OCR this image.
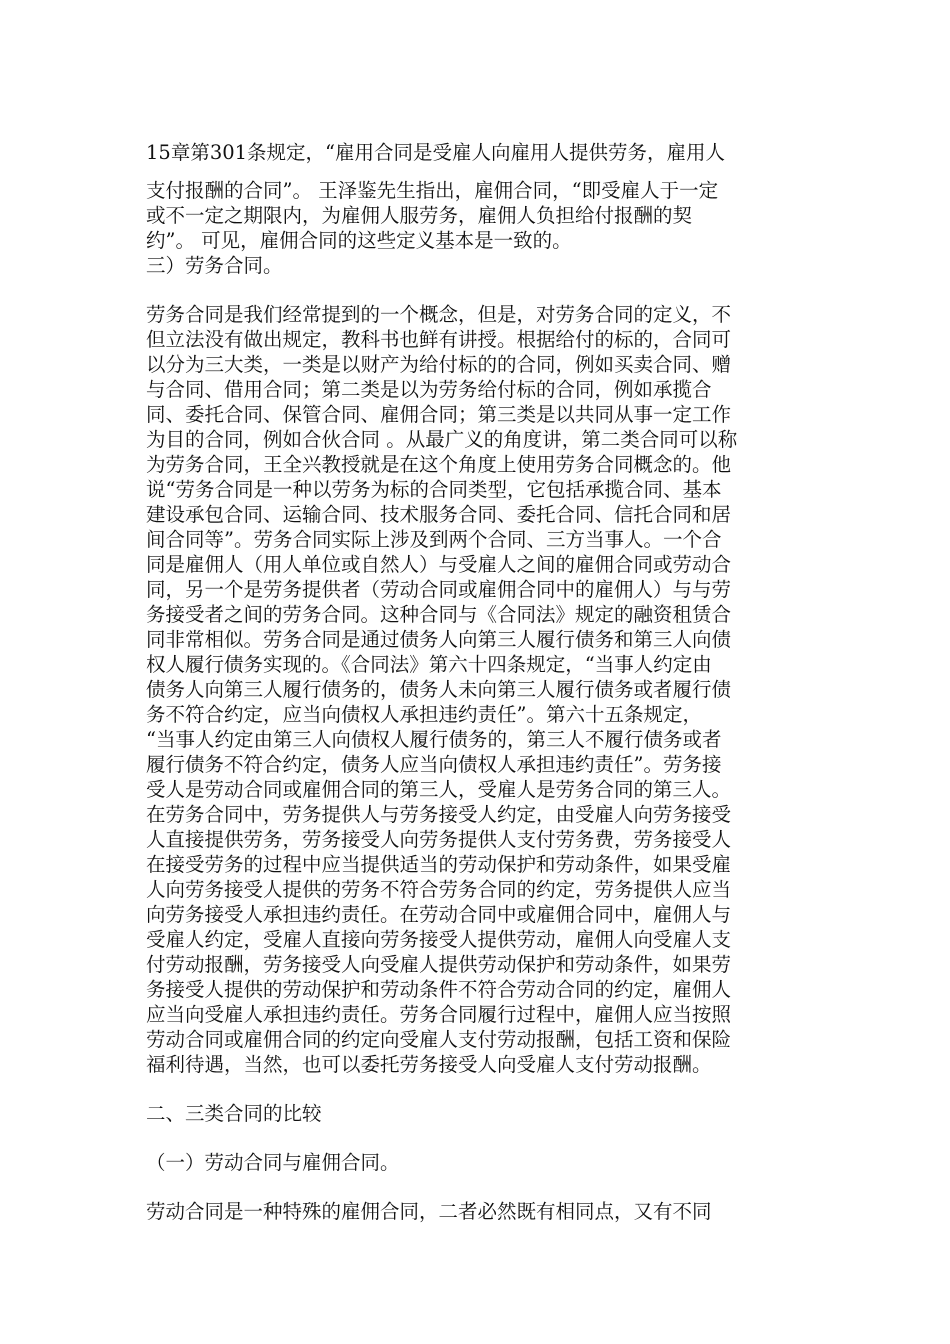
15章第301条规定，“雇用合同是受雇人向雇用人提供劳务，雇用人
支付报酬的合同”。 王泽鉴先生指出，雇佣合同，“即受雇人于一定
或不一定之期限内，为雇佣人服劳务，雇佣人负担给付报酬的契
约”。 可见，雇佣合同的这些定义基本是一致的。
三）劳务合同。
劳务合同是我们经常提到的一个概念，但是，对劳务合同的定义，不
但立法没有做出规定，教科书也鲜有讲授。根据给付的标的，合同可
以分为三大类，一类是以财产为给付标的的合同，例如买卖合同、赠
与合同、借用合同；第二类是以为劳务给付标的合同，例如承揽合
同、委托合同、保管合同、雇佣合同；第三类是以共同从事一定工作
为目的合同，例如合伙合同 。从最广义的角度讲，第二类合同可以称
为劳务合同，王全兴教授就是在这个角度上使用劳务合同概念的。他
说“劳务合同是一种以劳务为标的合同类型，它包括承揽合同、基本
建设承包合同、运输合同、技术服务合同、委托合同、信托合同和居
间合同等”。劳务合同实际上涉及到两个合同、三方当事人。一个合
同是雇佣人（用人单位或自然人）与受雇人之间的雇佣合同或劳动合
同，另一个是劳务提供者（劳动合同或雇佣合同中的雇佣人）与与劳
务接受者之间的劳务合同。这种合同与《合同法》规定的融资租赁合
同非常相似。劳务合同是通过债务人向第三人履行债务和第三人向债
权人履行债务实现的。《合同法》第六十四条规定，“当事人约定由
债务人向第三人履行债务的，债务人未向第三人履行债务或者履行债
务不符合约定，应当向债权人承担违约责任”。第六十五条规定，
“当事人约定由第三人向债权人履行债务的，第三人不履行债务或者
履行债务不符合约定，债务人应当向债权人承担违约责任”。劳务接
受人是劳动合同或雇佣合同的第三人，受雇人是劳务合同的第三人。
在劳务合同中，劳务提供人与劳务接受人约定，由受雇人向劳务接受
人直接提供劳务，劳务接受人向劳务提供人支付劳务费，劳务接受人
在接受劳务的过程中应当提供适当的劳动保护和劳动条件，如果受雇
人向劳务接受人提供的劳务不符合劳务合同的约定，劳务提供人应当
向劳务接受人承担违约责任。在劳动合同中或雇佣合同中，雇佣人与
受雇人约定，受雇人直接向劳务接受人提供劳动，雇佣人向受雇人支
付劳动报酬，劳务接受人向受雇人提供劳动保护和劳动条件，如果劳
务接受人提供的劳动保护和劳动条件不符合劳动合同的约定，雇佣人
应当向受雇人承担违约责任。劳务合同履行过程中，雇佣人应当按照
劳动合同或雇佣合同的约定向受雇人支付劳动报酬，包括工资和保险
福利待遇，当然，也可以委托劳务接受人向受雇人支付劳动报酬。
二、三类合同的比较
（一）劳动合同与雇佣合同。
劳动合同是一种特殊的雇佣合同，二者必然既有相同点，又有不同
